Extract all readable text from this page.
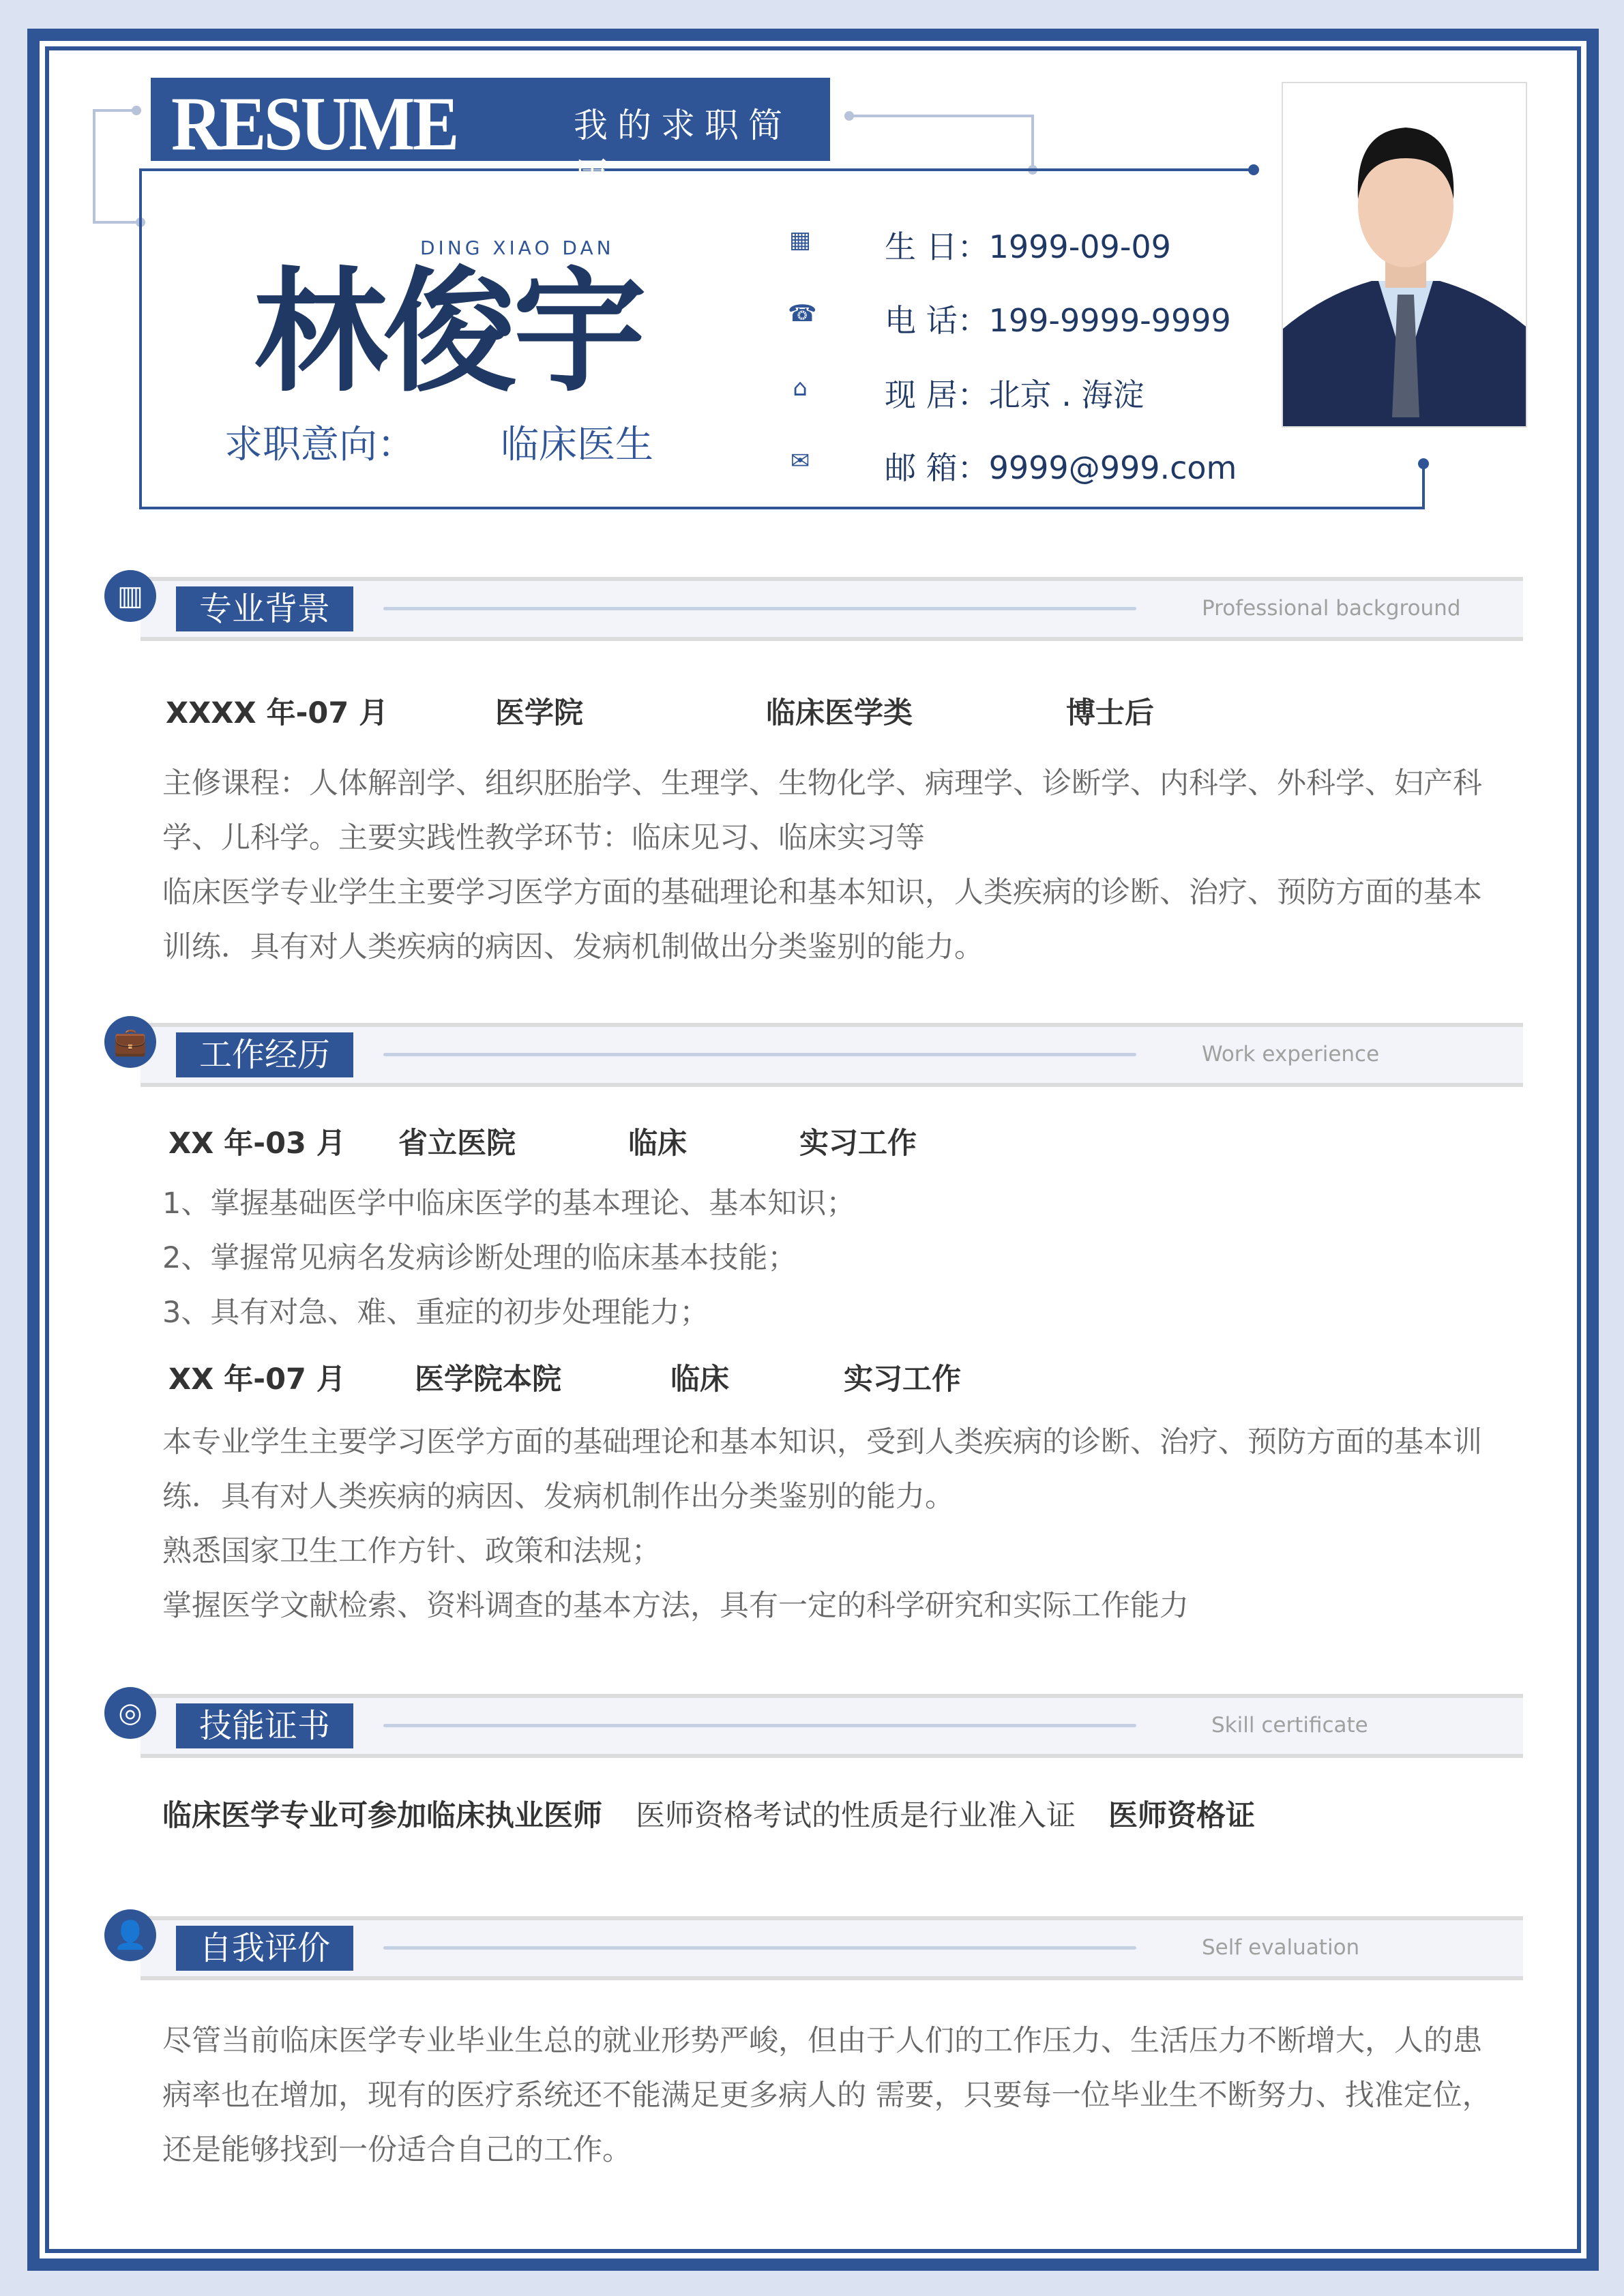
RESUME	我的求职简历
林俊宇
DING XIAO DAN
求职意向： 临床医生
▦ 生 日：1999-09-09
☎ 电 话：199-9999-9999
⌂ 现 居：北京 . 海淀
✉ 邮 箱：9999@999.com
▥	专业背景	Professional background
XXXX 年-07 月	医学院	临床医学类	博士后
主修课程：人体解剖学、组织胚胎学、生理学、生物化学、病理学、诊断学、内科学、外科学、妇产科
学、儿科学。主要实践性教学环节：临床见习、临床实习等
临床医学专业学生主要学习医学方面的基础理论和基本知识，人类疾病的诊断、治疗、预防方面的基本
训练．具有对人类疾病的病因、发病机制做出分类鉴别的能力。
💼	工作经历	Work experience
XX 年-03 月 省立医院	临床	实习工作
1、掌握基础医学中临床医学的基本理论、基本知识；
2、掌握常见病名发病诊断处理的临床基本技能；
3、具有对急、难、重症的初步处理能力；
XX 年-07 月 医学院本院	临床	实习工作
本专业学生主要学习医学方面的基础理论和基本知识，受到人类疾病的诊断、治疗、预防方面的基本训
练．具有对人类疾病的病因、发病机制作出分类鉴别的能力。
熟悉国家卫生工作方针、政策和法规；
掌握医学文献检索、资料调查的基本方法，具有一定的科学研究和实际工作能力
◎	技能证书	Skill certificate
临床医学专业可参加临床执业医师 医师资格考试的性质是行业准入证 医师资格证
👤	自我评价	Self evaluation
尽管当前临床医学专业毕业生总的就业形势严峻，但由于人们的工作压力、生活压力不断增大，人的患
病率也在增加，现有的医疗系统还不能满足更多病人的 需要，只要每一位毕业生不断努力、找准定位，
还是能够找到一份适合自己的工作。
